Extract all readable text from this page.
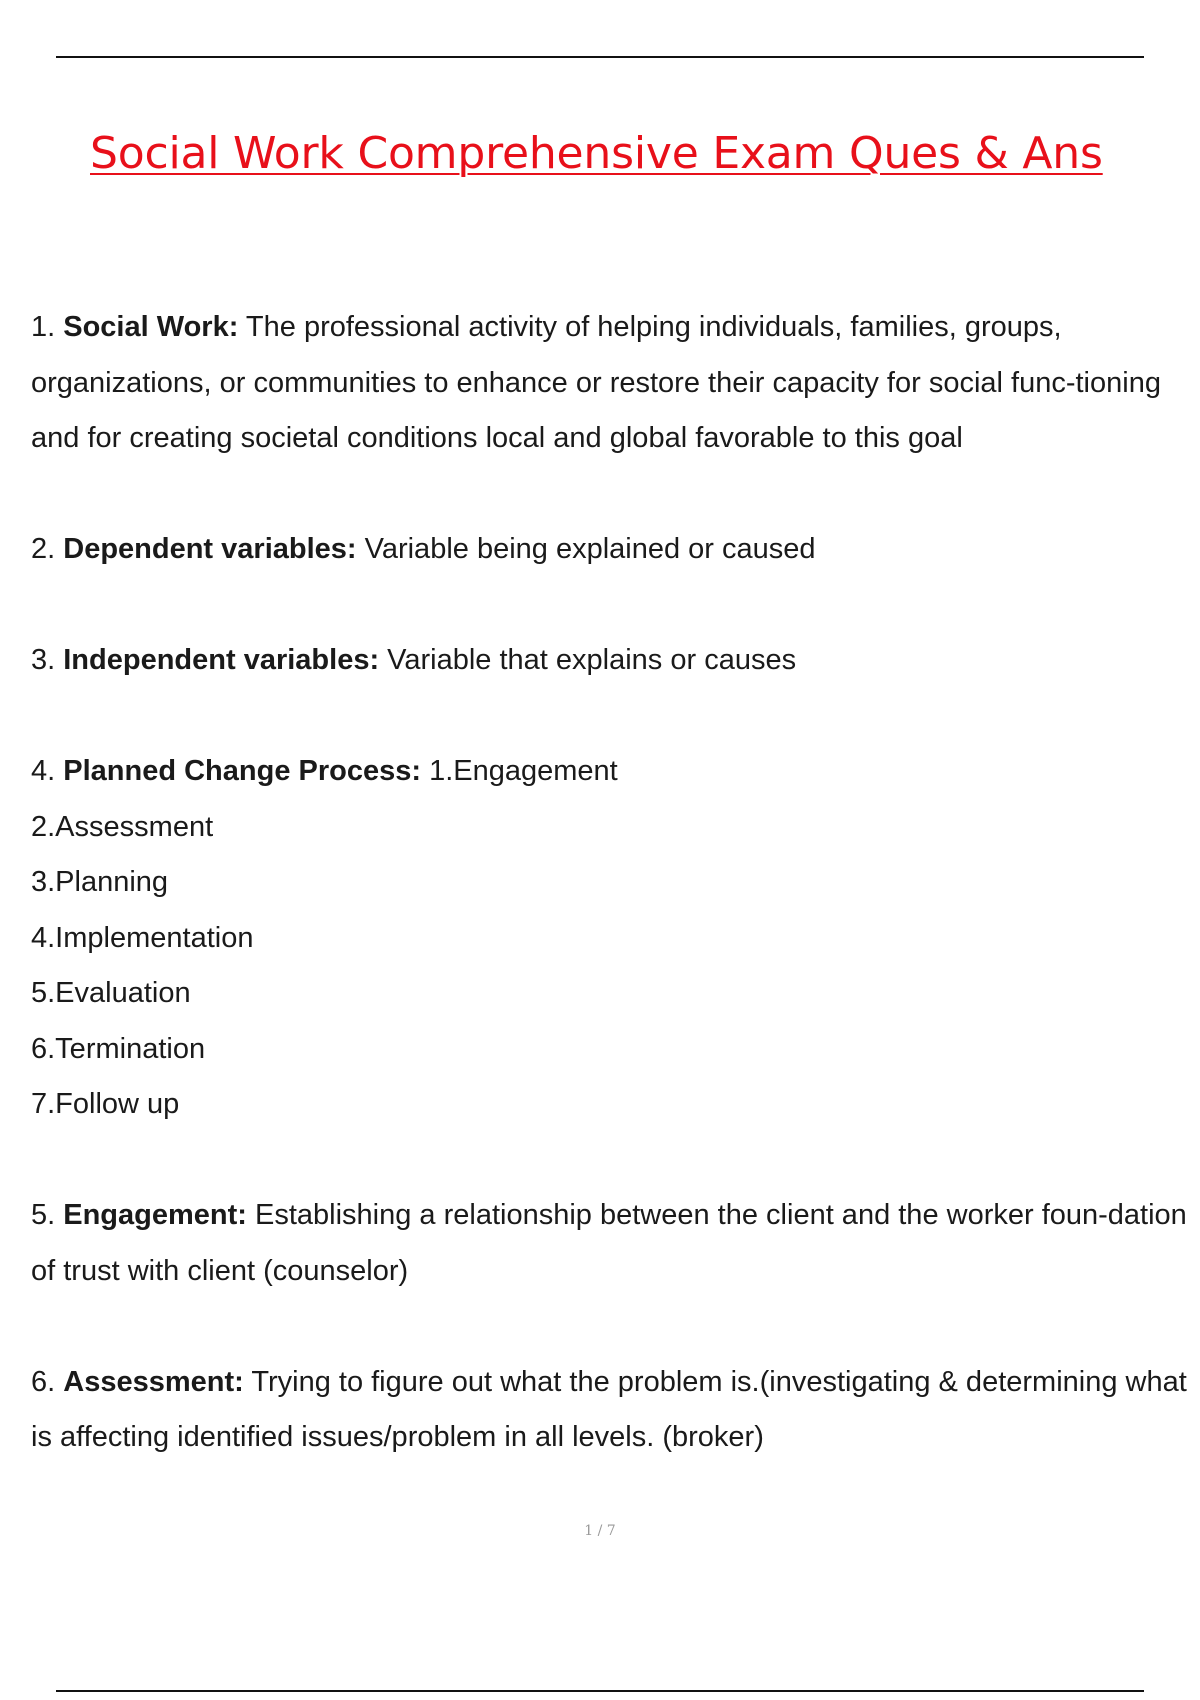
Social Work Comprehensive Exam Ques & Ans
1. Social Work: The professional activity of helping individuals, families, groups, organizations, or communities to enhance or restore their capacity for social func-tioning and for creating societal conditions local and global favorable to this goal
2. Dependent variables: Variable being explained or caused
3. Independent variables: Variable that explains or causes
4. Planned Change Process: 1.Engagement
2.Assessment
3.Planning
4.Implementation
5.Evaluation
6.Termination
7.Follow up
5. Engagement: Establishing a relationship between the client and the worker foun-dation of trust with client (counselor)
6. Assessment: Trying to figure out what the problem is.(investigating & determining what is affecting identified issues/problem in all levels. (broker)
1 / 7
